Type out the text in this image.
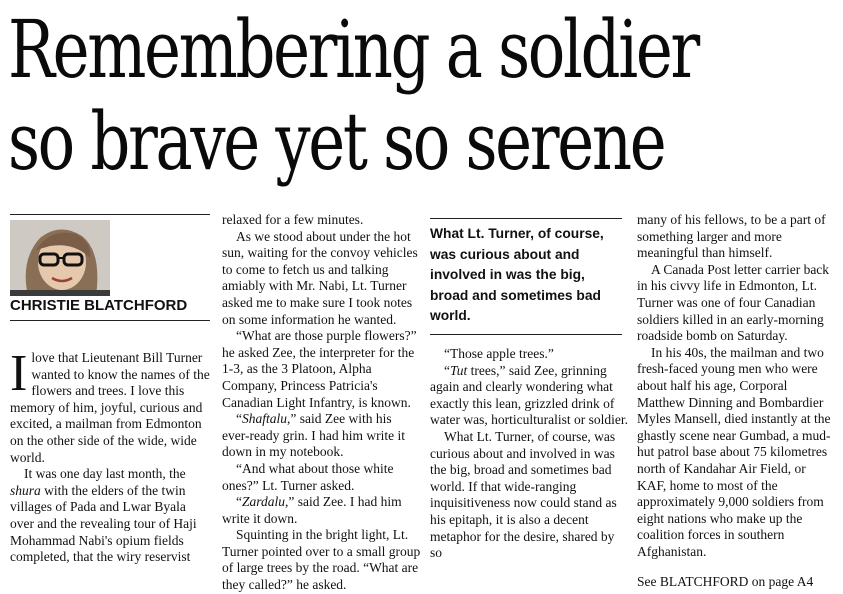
Remembering a soldier
so brave yet so serene
CHRISTIE BLATCHFORD

Ilove that Lieutenant Bill Turner wanted to know the names of the flowers and trees. I love this memory of him, joyful, curious and excited, a mailman from Edmonton on the other side of the wide, wide world.

It was one day last month, the shura with the elders of the twin villages of Pada and Lwar Byala over and the revealing tour of Haji Mohammad Nabi's opium fields completed, that the wiry reservist

relaxed for a few minutes.

As we stood about under the hot sun, waiting for the convoy vehicles to come to fetch us and talking amiably with Mr. Nabi, Lt. Turner asked me to make sure I took notes on some information he wanted.

“What are those purple flowers?” he asked Zee, the interpreter for the 1-3, as the 3 Platoon, Alpha Company, Princess Patricia's Canadian Light Infantry, is known.

“Shaftalu,” said Zee with his ever-ready grin. I had him write it down in my notebook.

“And what about those white ones?” Lt. Turner asked.

“Zardalu,” said Zee. I had him write it down.

Squinting in the bright light, Lt. Turner pointed over to a small group of large trees by the road. “What are they called?” he asked.

What Lt. Turner, of course, was curious about and involved in was the big, broad and sometimes bad world.

“Those apple trees.”

“Tut trees,” said Zee, grinning again and clearly wondering what exactly this lean, grizzled drink of water was, horticulturalist or soldier.

What Lt. Turner, of course, was curious about and involved in was the big, broad and sometimes bad world. If that wide-ranging inquisitiveness now could stand as his epitaph, it is also a decent metaphor for the desire, shared by so

many of his fellows, to be a part of something larger and more meaningful than himself.

A Canada Post letter carrier back in his civvy life in Edmonton, Lt. Turner was one of four Canadian soldiers killed in an early-morning roadside bomb on Saturday.

In his 40s, the mailman and two fresh-faced young men who were about half his age, Corporal Matthew Dinning and Bombardier Myles Mansell, died instantly at the ghastly scene near Gumbad, a mud-hut patrol base about 75 kilometres north of Kandahar Air Field, or KAF, home to most of the approximately 9,000 soldiers from eight nations who make up the coalition forces in southern Afghanistan.

See BLATCHFORD on page A4
